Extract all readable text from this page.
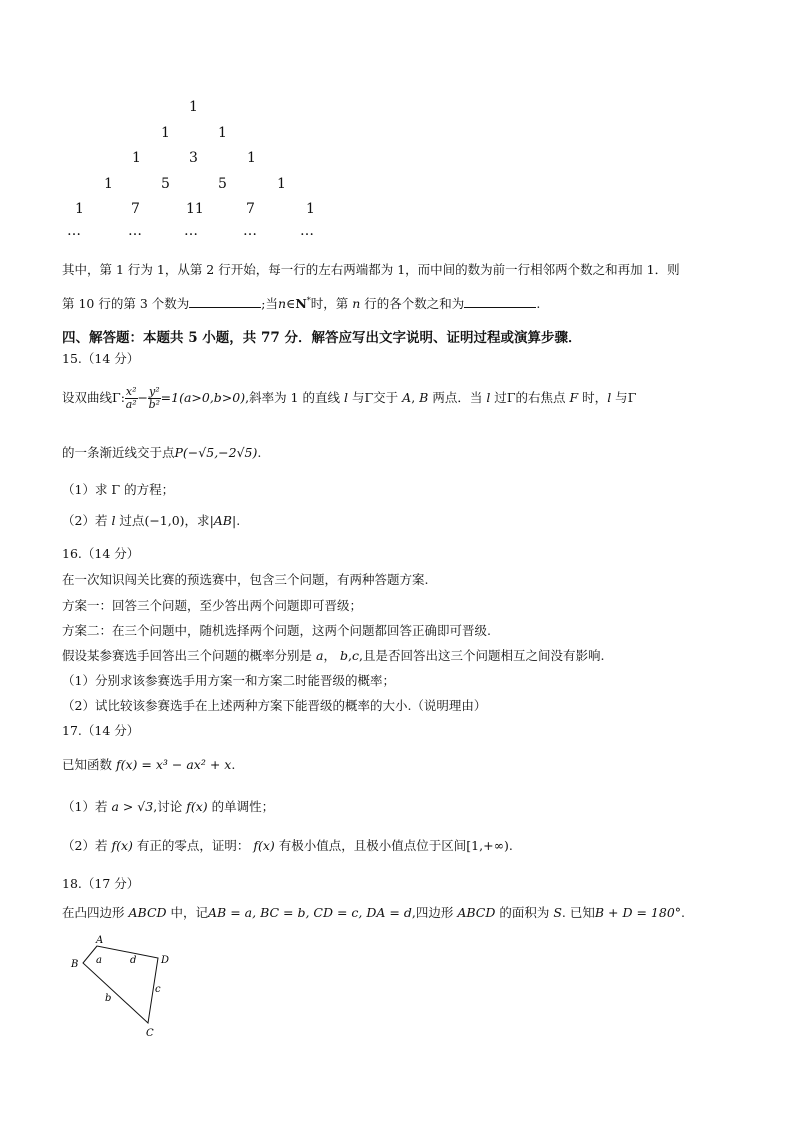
1
1	1
1	3	1
1	5	5	1
1	7	11	7	1
…	…	…	…	…
其中，第 1 行为 1，从第 2 行开始，每一行的左右两端都为 1，而中间的数为前一行相邻两个数之和再加 1．则
第 10 行的第 3 个数为	;当n∈N*时，第 n 行的各个数之和为	.
四、解答题：本题共 5 小题，共 77 分．解答应写出文字说明、证明过程或演算步骤．
15.（14 分）
设双曲线Γ: $\frac{\text{x²}}{\text{a²}} - \frac{\text{y²}}{\text{b²}} =1(a>0,b>0)$,斜率为 1 的直线 l 与Γ交于 A, B 两点．当 l 过Γ的右焦点 F 时，l 与Γ
的一条渐近线交于点P(−√5,−2√5).
（1）求 Γ 的方程；
（2）若 l 过点(−1,0)，求|AB|.
16.（14 分）
在一次知识闯关比赛的预选赛中，包含三个问题，有两种答题方案.
方案一：回答三个问题，至少答出两个问题即可晋级；
方案二：在三个问题中，随机选择两个问题，这两个问题都回答正确即可晋级.
假设某参赛选手回答出三个问题的概率分别是 a， b,c,且是否回答出这三个问题相互之间没有影响.
（1）分别求该参赛选手用方案一和方案二时能晋级的概率；
（2）试比较该参赛选手在上述两种方案下能晋级的概率的大小.（说明理由）
17.（14 分）
已知函数 f(x) = x³ − ax² + x.
（1）若 a > √3,讨论 f(x) 的单调性；
（2）若 f(x) 有正的零点，证明： f(x) 有极小值点，且极小值点位于区间[1,+∞).
18.（17 分）
在凸四边形 ABCD 中，记AB = a, BC = b, CD = c, DA = d,四边形 ABCD 的面积为 S. 已知B + D = 180°.
A
B
C
D
a
b
c
d
